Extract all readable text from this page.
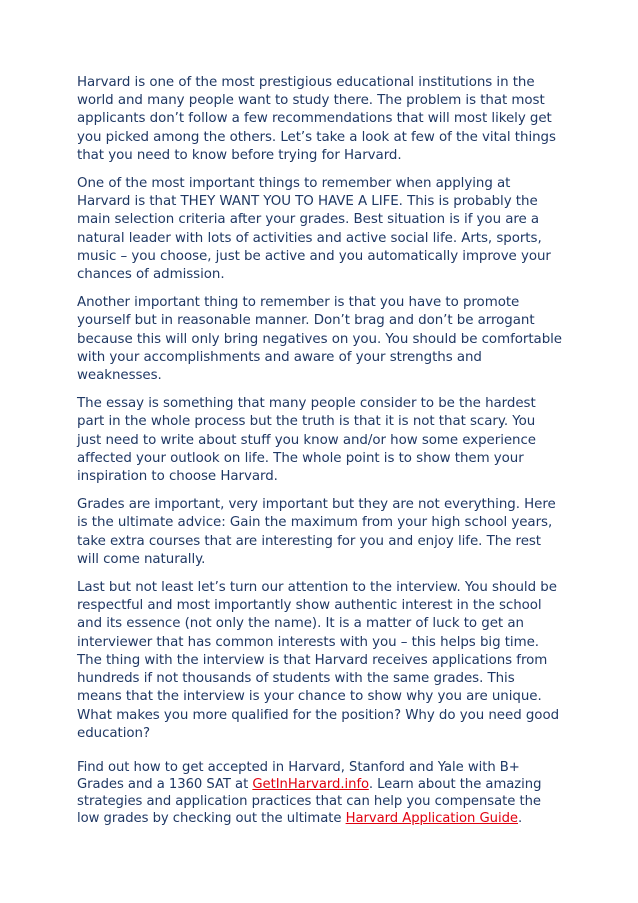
Harvard is one of the most prestigious educational institutions in the world and many people want to study there. The problem is that most applicants don’t follow a few recommendations that will most likely get you picked among the others. Let’s take a look at few of the vital things that you need to know before trying for Harvard.

One of the most important things to remember when applying at Harvard is that THEY WANT YOU TO HAVE A LIFE. This is probably the main selection criteria after your grades. Best situation is if you are a natural leader with lots of activities and active social life. Arts, sports, music – you choose, just be active and you automatically improve your chances of admission.

Another important thing to remember is that you have to promote yourself but in reasonable manner. Don’t brag and don’t be arrogant because this will only bring negatives on you. You should be comfortable with your accomplishments and aware of your strengths and weaknesses.

The essay is something that many people consider to be the hardest part in the whole process but the truth is that it is not that scary. You just need to write about stuff you know and/or how some experience affected your outlook on life. The whole point is to show them your inspiration to choose Harvard.

Grades are important, very important but they are not everything. Here is the ultimate advice: Gain the maximum from your high school years, take extra courses that are interesting for you and enjoy life. The rest will come naturally.

Last but not least let’s turn our attention to the interview. You should be respectful and most importantly show authentic interest in the school and its essence (not only the name). It is a matter of luck to get an interviewer that has common interests with you – this helps big time. The thing with the interview is that Harvard receives applications from hundreds if not thousands of students with the same grades. This means that the interview is your chance to show why you are unique. What makes you more qualified for the position? Why do you need good education?

Find out how to get accepted in Harvard, Stanford and Yale with B+ Grades and a 1360 SAT at GetInHarvard.info. Learn about the amazing strategies and application practices that can help you compensate the low grades by checking out the ultimate Harvard Application Guide.
